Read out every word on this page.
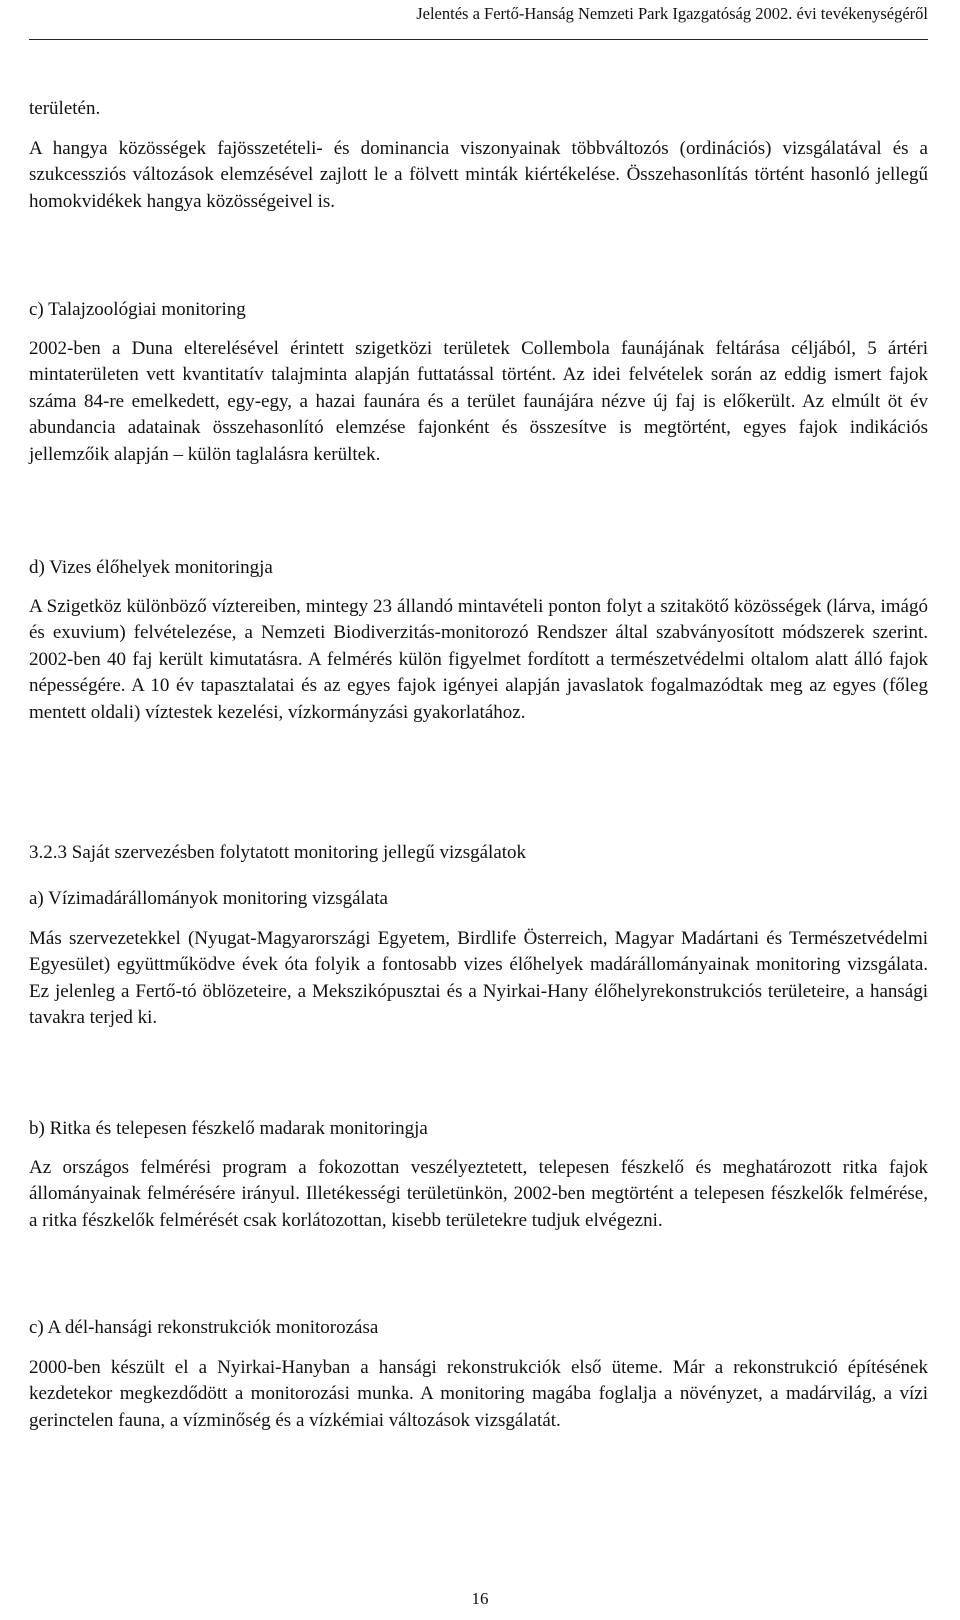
Jelentés a Fertő-Hanság Nemzeti Park Igazgatóság 2002. évi tevékenységéről

területén.

A hangya közösségek fajösszetételi- és dominancia viszonyainak többváltozós (ordinációs) vizsgálatával és a szukcessziós változások elemzésével zajlott le a fölvett minták kiértékelése. Összehasonlítás történt hasonló jellegű homokvidékek hangya közösségeivel is.

c) Talajzoológiai monitoring

2002-ben a Duna elterelésével érintett szigetközi területek Collembola faunájának feltárása céljából, 5 ártéri mintaterületen vett kvantitatív talajminta alapján futtatással történt. Az idei felvételek során az eddig ismert fajok száma 84-re emelkedett, egy-egy, a hazai faunára és a terület faunájára nézve új faj is előkerült. Az elmúlt öt év abundancia adatainak összehasonlító elemzése fajonként és összesítve is megtörtént, egyes fajok indikációs jellemzőik alapján – külön taglalásra kerültek.

d) Vizes élőhelyek monitoringja

A Szigetköz különböző víztereiben, mintegy 23 állandó mintavételi ponton folyt a szitakötő közösségek (lárva, imágó és exuvium) felvételezése, a Nemzeti Biodiverzitás-monitorozó Rendszer által szabványosított módszerek szerint. 2002-ben 40 faj került kimutatásra. A felmérés külön figyelmet fordított a természetvédelmi oltalom alatt álló fajok népességére. A 10 év tapasztalatai és az egyes fajok igényei alapján javaslatok fogalmazódtak meg az egyes (főleg mentett oldali) víztestek kezelési, vízkormányzási gyakorlatához.

3.2.3 Saját szervezésben folytatott monitoring jellegű vizsgálatok

a) Vízimadárállományok monitoring vizsgálata

Más szervezetekkel (Nyugat-Magyarországi Egyetem, Birdlife Österreich, Magyar Madártani és Természetvédelmi Egyesület) együttműködve évek óta folyik a fontosabb vizes élőhelyek madárállományainak monitoring vizsgálata. Ez jelenleg a Fertő-tó öblözeteire, a Mekszikópusztai és a Nyirkai-Hany élőhelyrekonstrukciós területeire, a hansági tavakra terjed ki.

b) Ritka és telepesen fészkelő madarak monitoringja

Az országos felmérési program a fokozottan veszélyeztetett, telepesen fészkelő és meghatározott ritka fajok állományainak felmérésére irányul. Illetékességi területünkön, 2002-ben megtörtént a telepesen fészkelők felmérése, a ritka fészkelők felmérését csak korlátozottan, kisebb területekre tudjuk elvégezni.

c) A dél-hansági rekonstrukciók monitorozása

2000-ben készült el a Nyirkai-Hanyban a hansági rekonstrukciók első üteme. Már a rekonstrukció építésének kezdetekor megkezdődött a monitorozási munka. A monitoring magába foglalja a növényzet, a madárvilág, a vízi gerinctelen fauna, a vízminőség és a vízkémiai változások vizsgálatát.

16
